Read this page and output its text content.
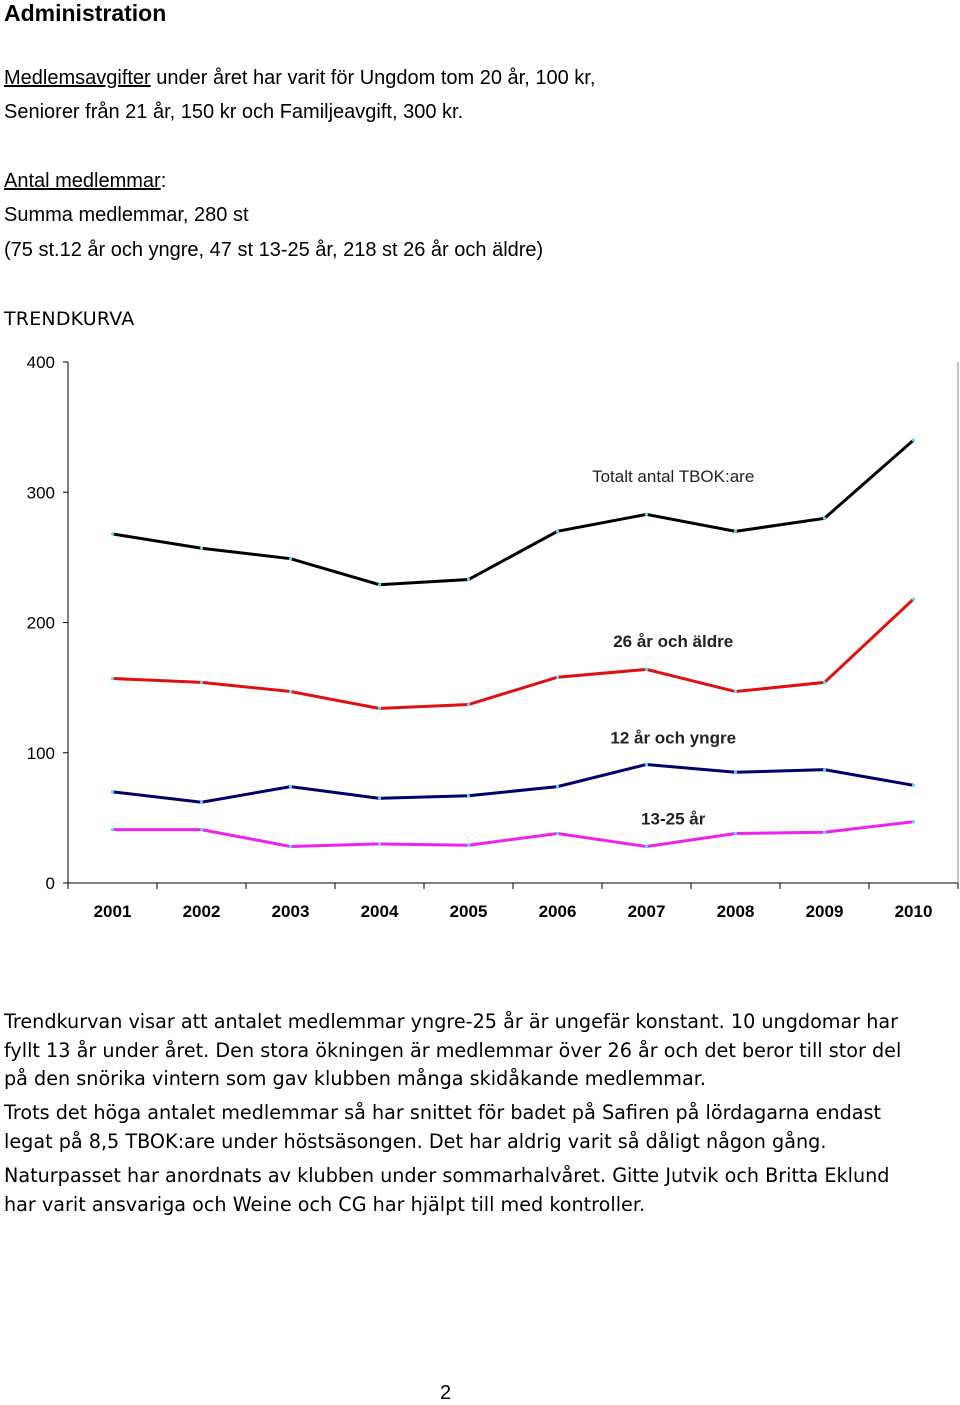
Administration
Medlemsavgifter under året har varit för Ungdom tom 20 år, 100 kr,
Seniorer från 21 år, 150 kr och Familjeavgift, 300 kr.
Antal medlemmar:
Summa medlemmar, 280 st
(75 st.12 år och yngre, 47 st 13-25 år, 218 st 26 år och äldre)
TRENDKURVA
0
100
200
300
400
2001	2002	2003	2004	2005	2006	2007	2008	2009	2010
Totalt antal TBOK:are
26 år och äldre
12 år och yngre
13-25 år
Trendkurvan visar att antalet medlemmar yngre-25 år är ungefär konstant. 10 ungdomar har
fyllt 13 år under året. Den stora ökningen är medlemmar över 26 år och det beror till stor del
på den snörika vintern som gav klubben många skidåkande medlemmar.
Trots det höga antalet medlemmar så har snittet för badet på Safiren på lördagarna endast
legat på 8,5 TBOK:are under höstsäsongen. Det har aldrig varit så dåligt någon gång.
Naturpasset har anordnats av klubben under sommarhalvåret. Gitte Jutvik och Britta Eklund
har varit ansvariga och Weine och CG har hjälpt till med kontroller.
2
